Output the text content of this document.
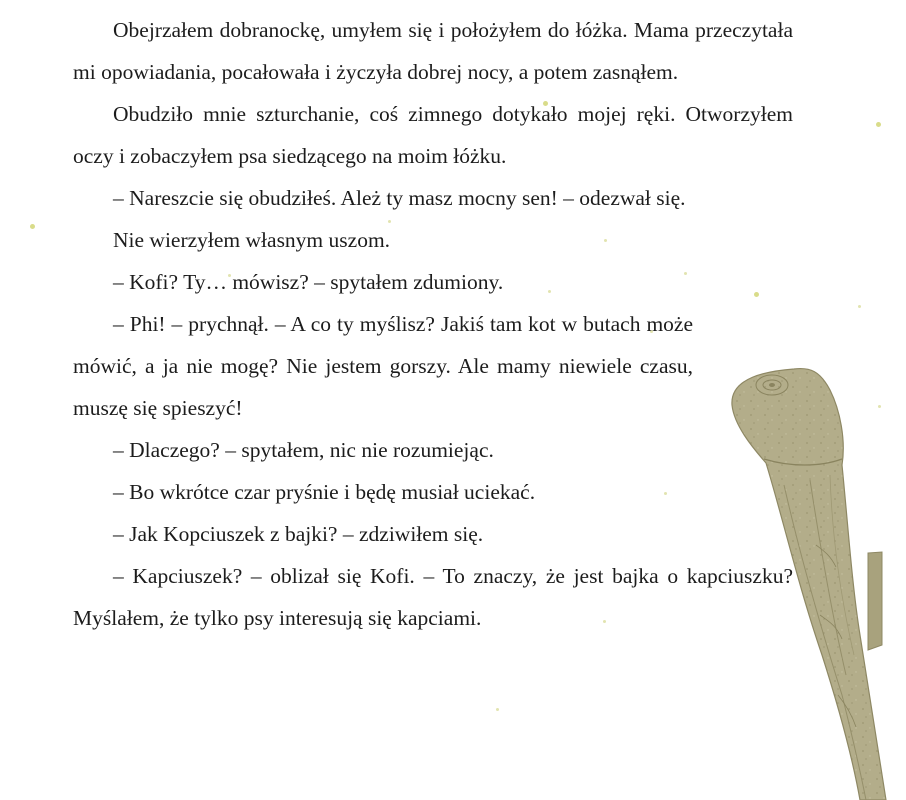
Obejrzałem dobranockę, umyłem się i położyłem do łóżka. Mama przeczytała mi opowiadania, pocałowała i życzyła dobrej nocy, a potem zasnąłem.

Obudziło mnie szturchanie, coś zimnego dotykało mojej ręki. Otworzyłem oczy i zobaczyłem psa siedzącego na moim łóżku.

– Nareszcie się obudziłeś. Ależ ty masz mocny sen! – odezwał się.

Nie wierzyłem własnym uszom.

– Kofi? Ty… mówisz? – spytałem zdumiony.

– Phi! – prychnął. – A co ty myślisz? Jakiś tam kot w butach może mówić, a ja nie mogę? Nie jestem gorszy. Ale mamy niewiele czasu, muszę się spieszyć!

– Dlaczego? – spytałem, nic nie rozumiejąc.

– Bo wkrótce czar pryśnie i będę musiał uciekać.

– Jak Kopciuszek z bajki? – zdziwiłem się.

– Kapciuszek? – oblizał się Kofi. – To znaczy, że jest bajka o kapciuszku? Myślałem, że tylko psy interesują się kapciami.
